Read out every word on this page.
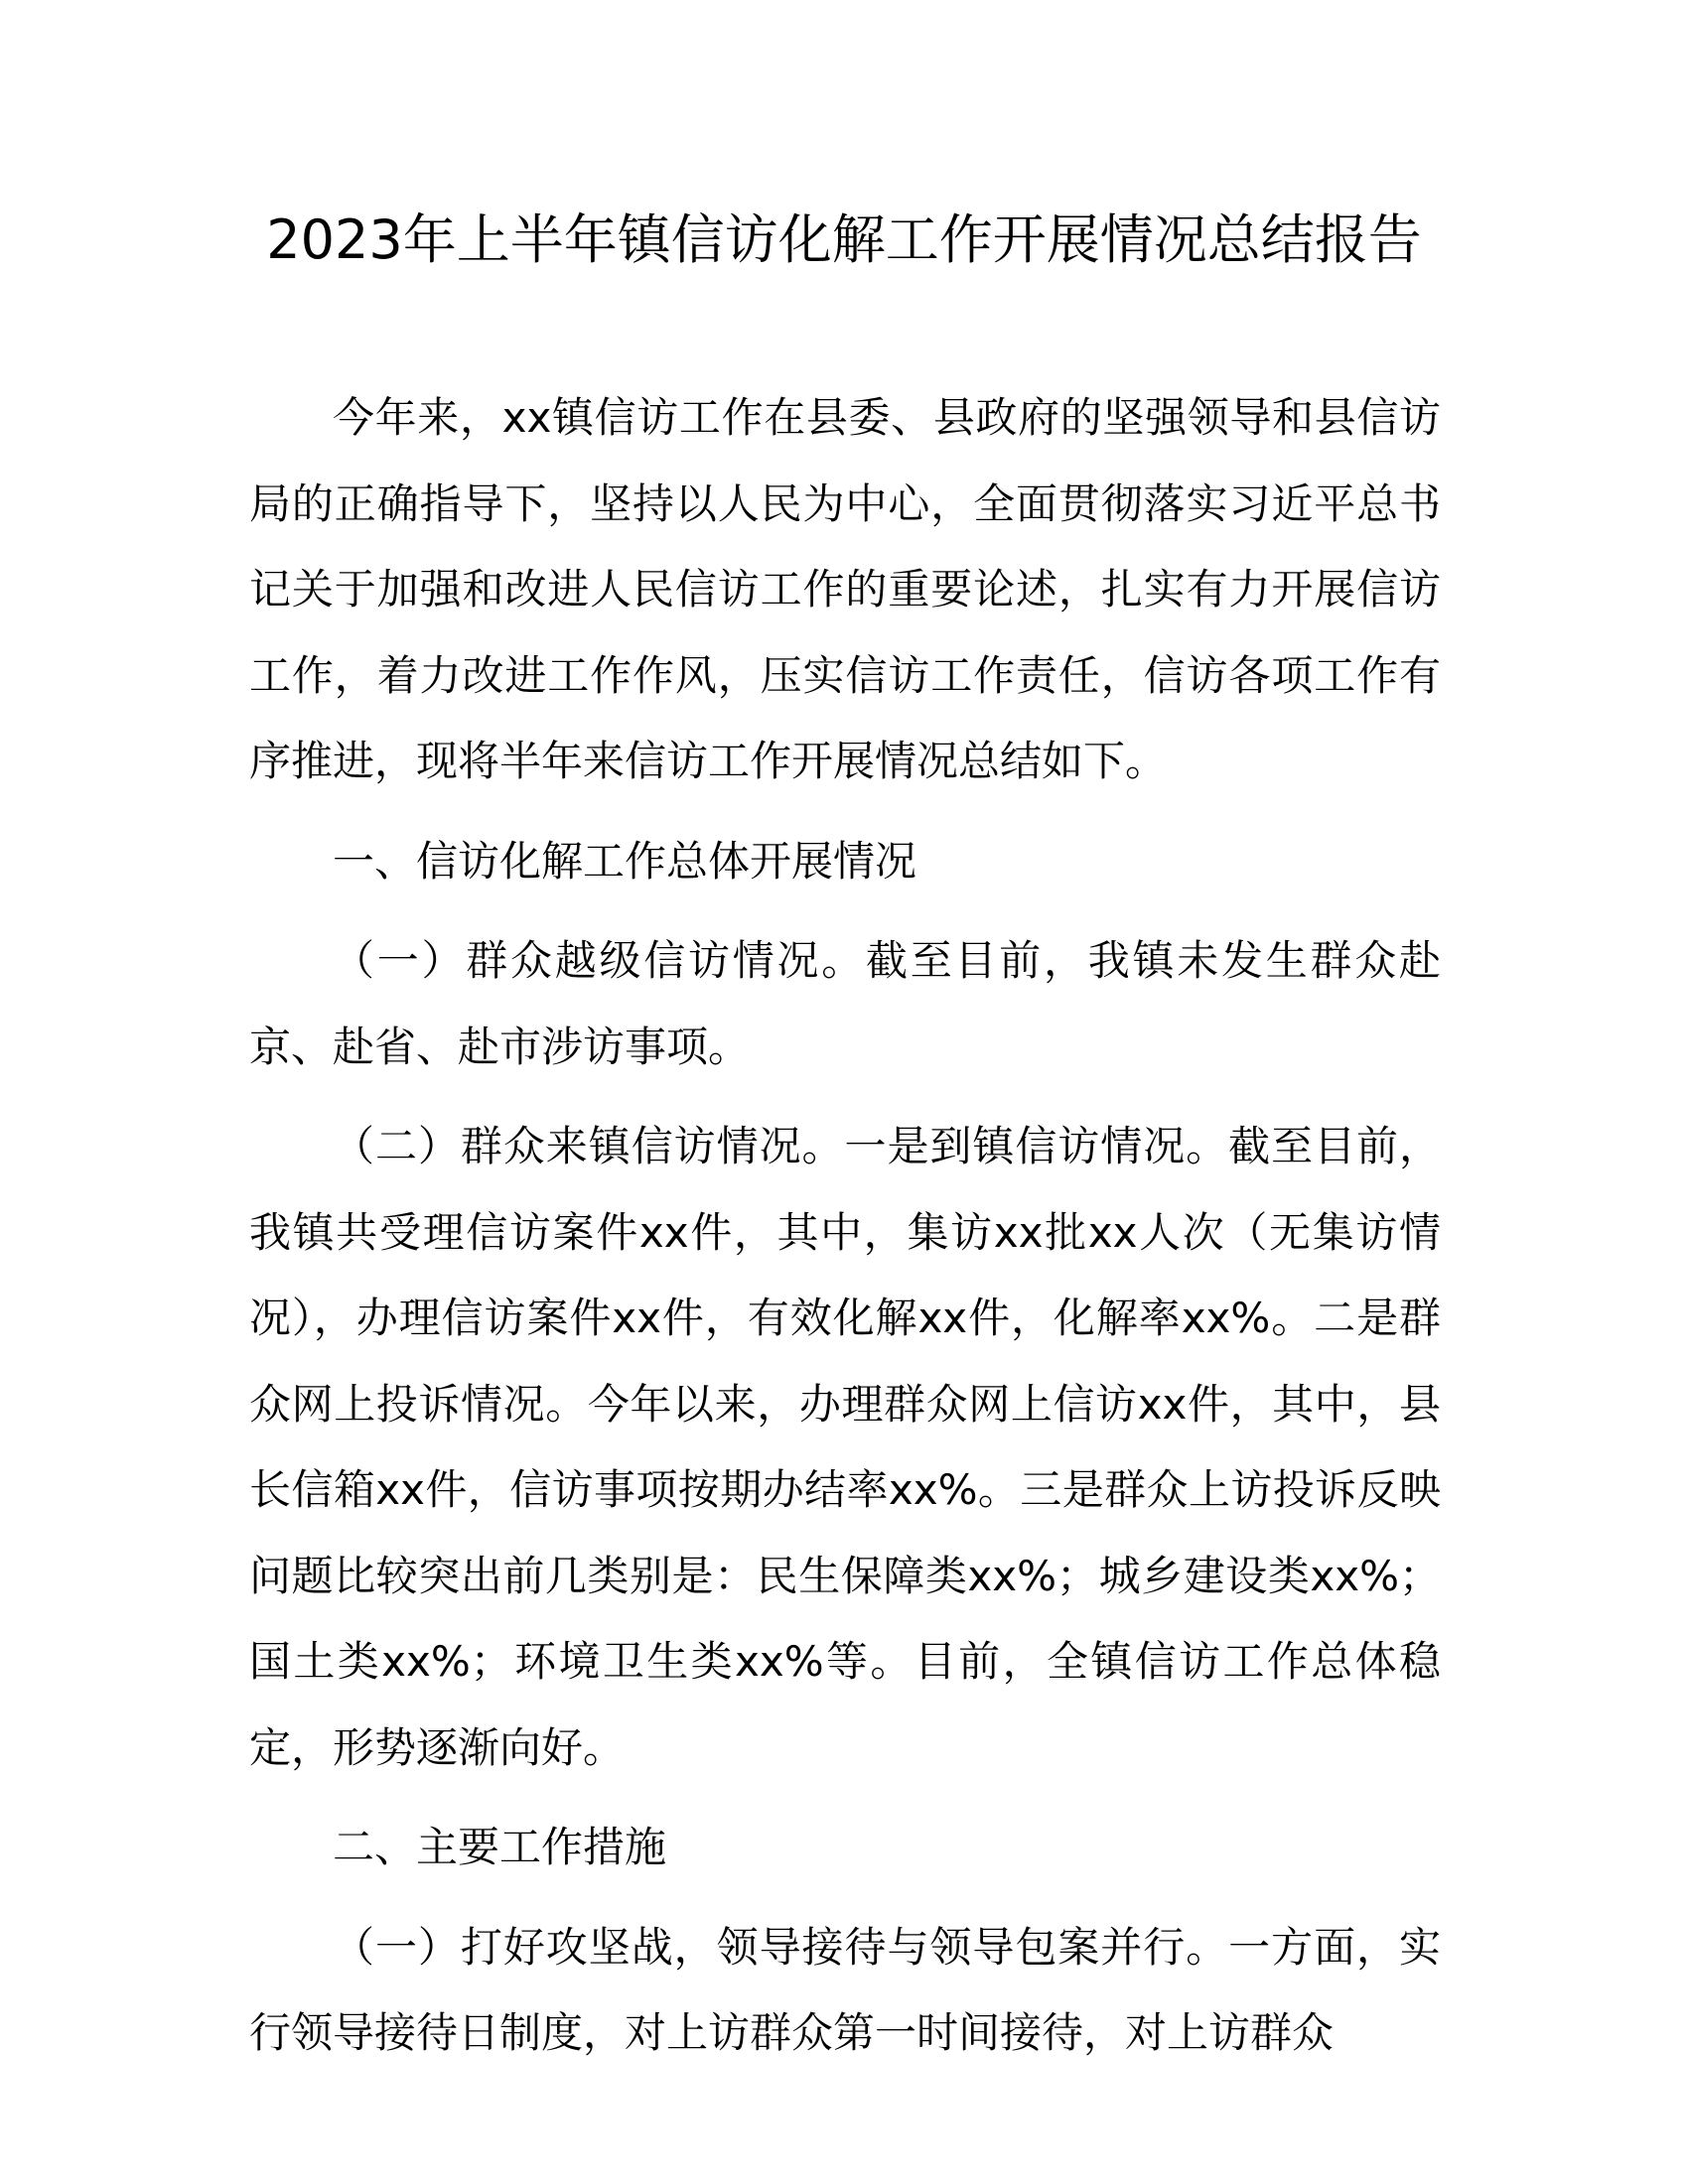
2023年上半年镇信访化解工作开展情况总结报告

今年来，xx镇信访工作在县委、县政府的坚强领导和县信访局的正确指导下，坚持以人民为中心，全面贯彻落实习近平总书记关于加强和改进人民信访工作的重要论述，扎实有力开展信访工作，着力改进工作作风，压实信访工作责任，信访各项工作有序推进，现将半年来信访工作开展情况总结如下。

一、信访化解工作总体开展情况

（一）群众越级信访情况。截至目前，我镇未发生群众赴京、赴省、赴市涉访事项。

（二）群众来镇信访情况。一是到镇信访情况。截至目前，我镇共受理信访案件xx件，其中，集访xx批xx人次（无集访情况），办理信访案件xx件，有效化解xx件，化解率xx%。二是群众网上投诉情况。今年以来，办理群众网上信访xx件，其中，县长信箱xx件，信访事项按期办结率xx%。三是群众上访投诉反映问题比较突出前几类别是：民生保障类xx%；城乡建设类xx%；国土类xx%；环境卫生类xx%等。目前，全镇信访工作总体稳定，形势逐渐向好。

二、主要工作措施

（一）打好攻坚战，领导接待与领导包案并行。一方面，实行领导接待日制度，对上访群众第一时间接待，对上访群众
